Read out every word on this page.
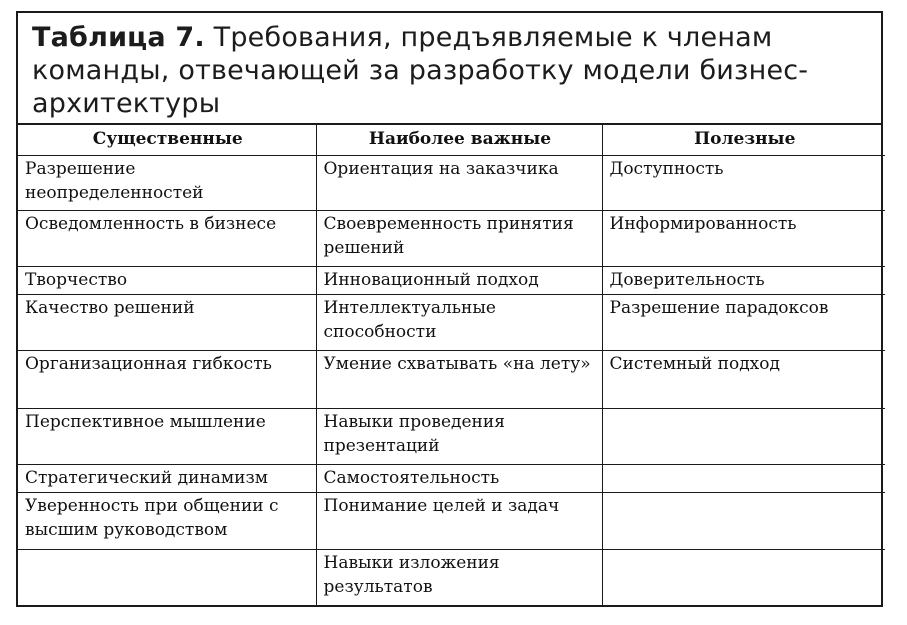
Таблица 7. Требования, предъявляемые к членам команды, отвечающей за разработку модели бизнес-архитектуры
Существенные	Наиболее важные	Полезные
Разрешение неопределенностей	Ориентация на заказчика	Доступность
Осведомленность в бизнесе	Своевременность принятия решений	Информированность
Творчество	Инновационный подход	Доверительность
Качество решений	Интеллектуальные способности	Разрешение парадоксов
Организационная гибкость	Умение схватывать «на лету»	Системный подход
Перспективное мышление	Навыки проведения презентаций	
Стратегический динамизм	Самостоятельность	
Уверенность при общении с высшим руководством	Понимание целей и задач	
	Навыки изложения результатов	
